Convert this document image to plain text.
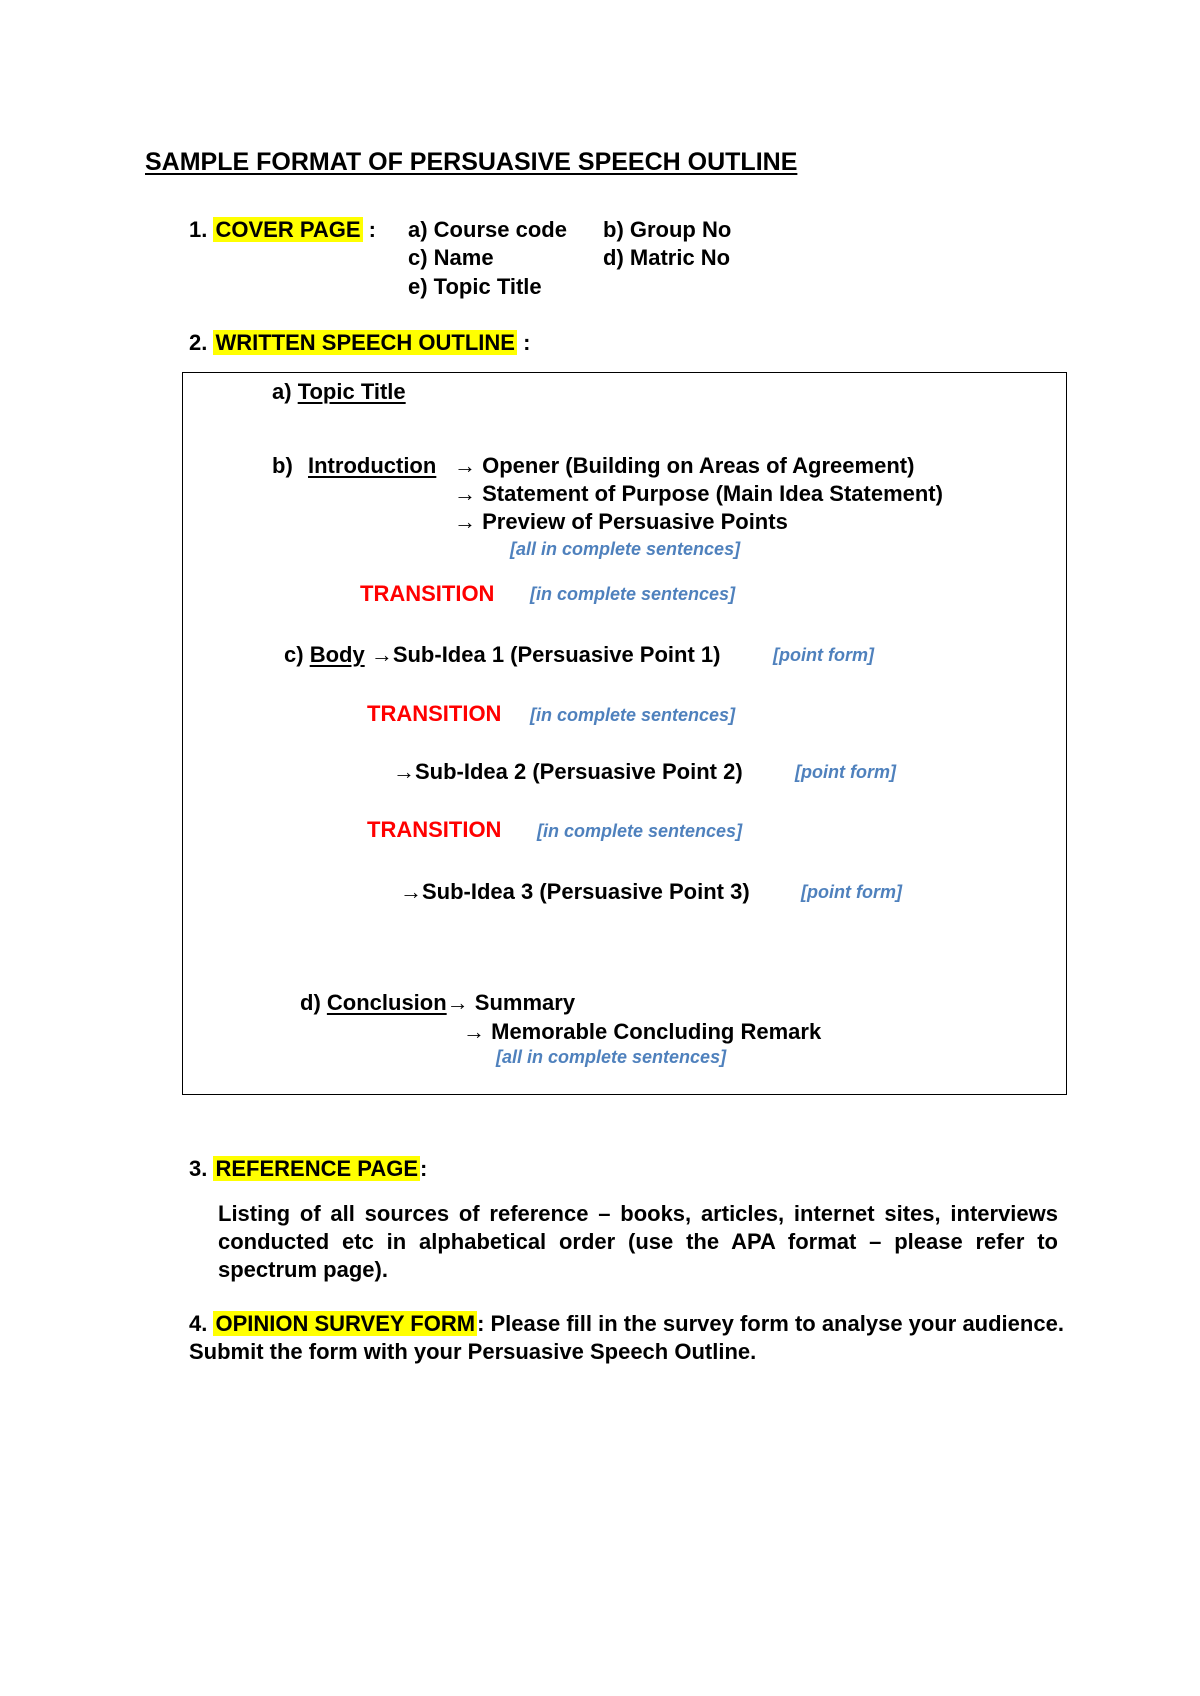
SAMPLE FORMAT OF PERSUASIVE SPEECH OUTLINE
1. COVER PAGE : a) Course code b) Group No
c) Name	d) Matric No
e) Topic Title
2. WRITTEN SPEECH OUTLINE :
a) Topic Title
b) Introduction → Opener (Building on Areas of Agreement)
→ Statement of Purpose (Main Idea Statement)
→ Preview of Persuasive Points
[all in complete sentences]
TRANSITION [in complete sentences]
c) Body →Sub-Idea 1 (Persuasive Point 1)	[point form]
TRANSITION [in complete sentences]
→Sub-Idea 2 (Persuasive Point 2)	[point form]
TRANSITION [in complete sentences]
→Sub-Idea 3 (Persuasive Point 3)	[point form]
d) Conclusion→ Summary
→ Memorable Concluding Remark
[all in complete sentences]
3. REFERENCE PAGE:
Listing of all sources of reference – books, articles, internet sites, interviews conducted etc in alphabetical order (use the APA format – please refer to spectrum page).
4. OPINION SURVEY FORM: Please fill in the survey form to analyse your audience. Submit the form with your Persuasive Speech Outline.
